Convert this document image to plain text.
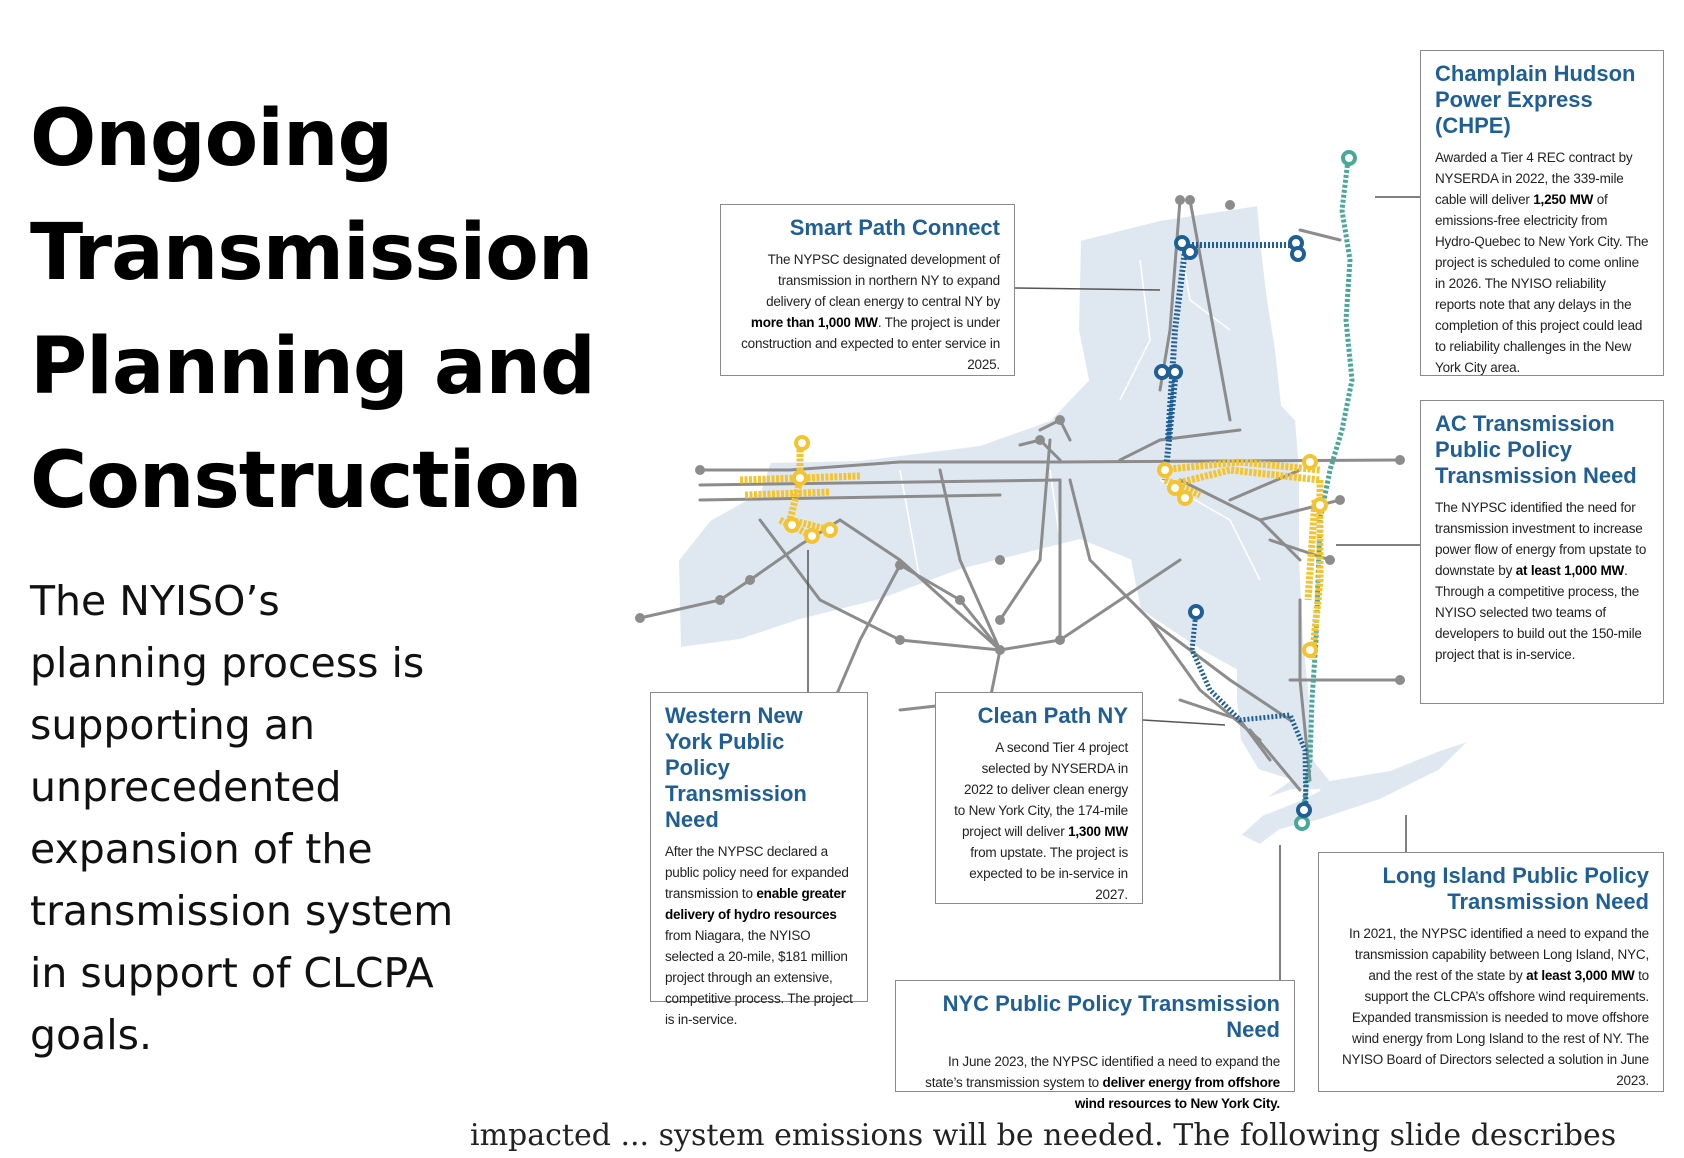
Ongoing
Transmission
Planning and
Construction
The NYISO’s planning process is supporting an unprecedented expansion of the transmission system in support of CLCPA goals.
Smart Path Connect

The NYPSC designated development of transmission in northern NY to expand delivery of clean energy to central NY by more than 1,000 MW. The project is under construction and expected to enter service in 2025.

Champlain Hudson Power Express (CHPE)

Awarded a Tier 4 REC contract by NYSERDA in 2022, the 339-mile cable will deliver 1,250 MW of emissions-free electricity from Hydro-Quebec to New York City. The project is scheduled to come online in 2026. The NYISO reliability reports note that any delays in the completion of this project could lead to reliability challenges in the New York City area.

AC Transmission Public Policy Transmission Need

The NYPSC identified the need for transmission investment to increase power flow of energy from upstate to downstate by at least 1,000 MW. Through a competitive process, the NYISO selected two teams of developers to build out the 150-mile project that is in-service.

Western New York Public Policy Transmission Need

After the NYPSC declared a public policy need for expanded transmission to enable greater delivery of hydro resources from Niagara, the NYISO selected a 20-mile, $181 million project through an extensive, competitive process. The project is in-service.

Clean Path NY

A second Tier 4 project selected by NYSERDA in 2022 to deliver clean energy to New York City, the 174-mile project will deliver 1,300 MW from upstate. The project is expected to be in-service in 2027.

NYC Public Policy Transmission Need

In June 2023, the NYPSC identified a need to expand the state’s transmission system to deliver energy from offshore wind resources to New York City.

Long Island Public Policy Transmission Need

In 2021, the NYPSC identified a need to expand the transmission capability between Long Island, NYC, and the rest of the state by at least 3,000 MW to support the CLCPA’s offshore wind requirements. Expanded transmission is needed to move offshore wind energy from Long Island to the rest of NY. The NYISO Board of Directors selected a solution in June 2023.

impacted ... system emissions will be needed. The following slide describes
